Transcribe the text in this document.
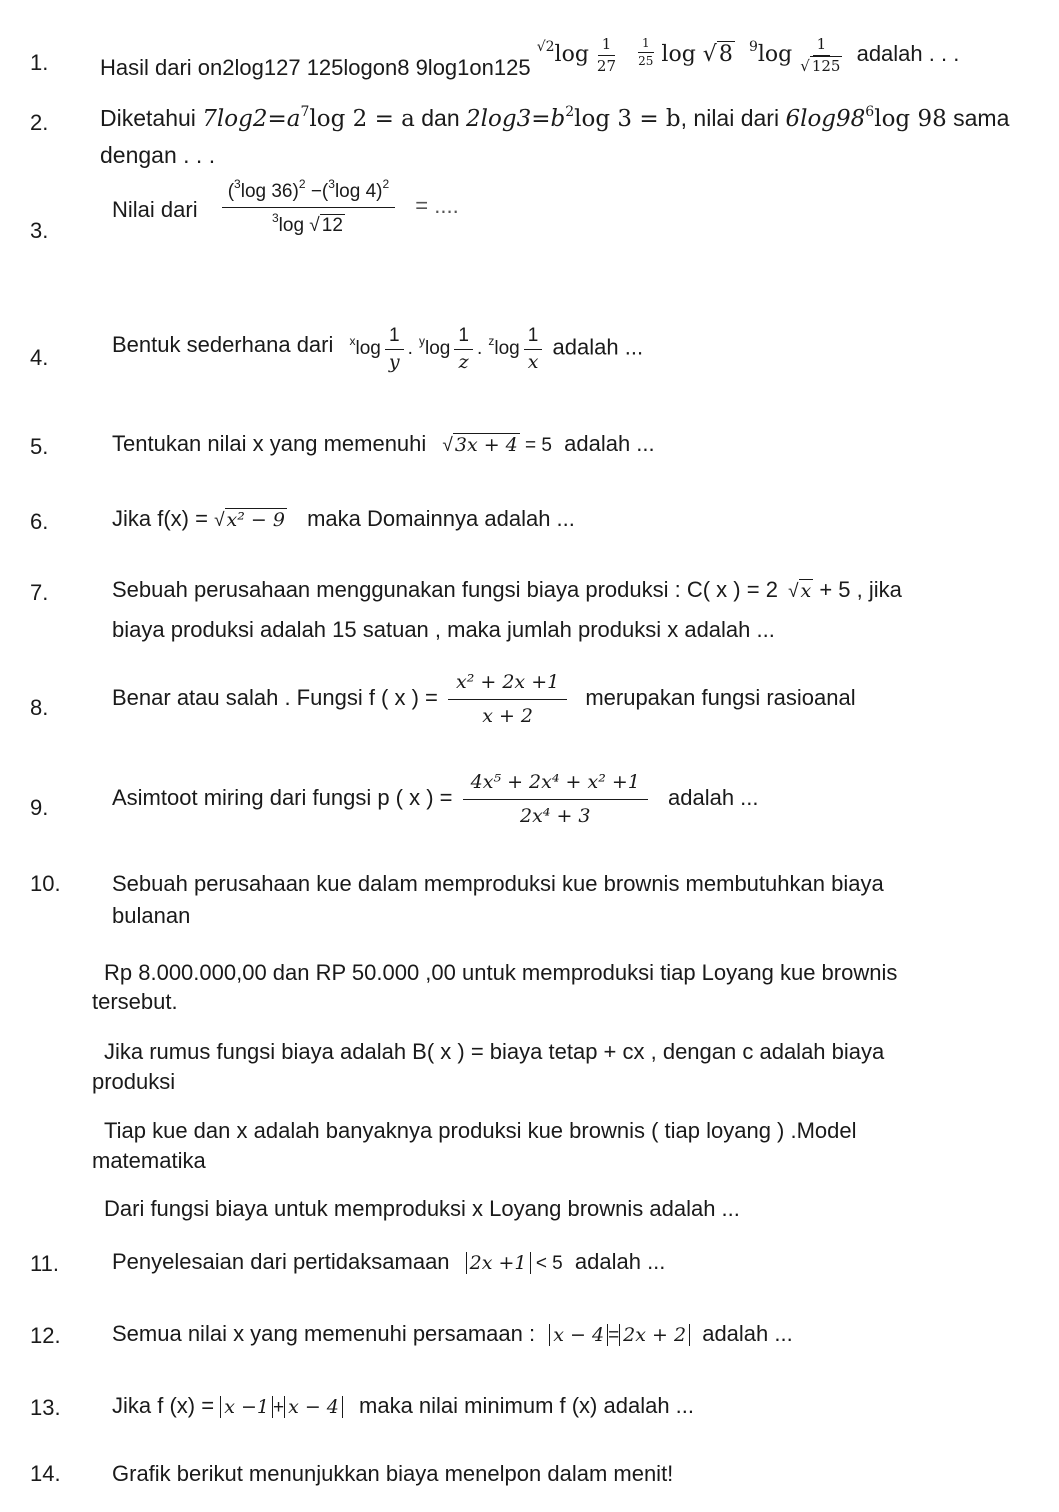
1. Hasil dari on2log127 125logon8 9log1on125 $^{√2}\log \frac{1}{27}$
$\frac{1}{25}$ log √8 $^9\log \frac{1}{√ 125}$ adalah . . .
2. Diketahui $7\log 2=a^7\log$ 2 = a dan $2\log 3=b^2\log$ 3 = b, nilai dari $6\log 98^6\log$ 98 sama
dengan . . .
3.
Nilai dari $\frac{(^3\log 36)^2 -(^3\log 4)^2}{^3\log √ 12}$ = ....
4.
Bentuk sederhana dari $^x\log \frac{1}{y}$ . $^y\log \frac{1}{z}$ . $^z\log \frac{1}{x}$ adalah ...
5.	Tentukan nilai x yang memenuhi √ 3x + 4 = 5 adalah ...
6.	Jika f(x) = √ x² − 9 maka Domainnya adalah ...
7.	Sebuah perusahaan menggunakan fungsi biaya produksi : C( x ) = 2 √ x + 5 , jika
biaya produksi adalah 15 satuan , maka jumlah produksi x adalah ...
8.	Benar atau salah . Fungsi f ( x ) = $\frac{\text{x² + 2x +1}}{x + 2}$ merupakan fungsi rasioanal
9.	Asimtoot miring dari fungsi p ( x ) = $\frac{\text{4x⁵ + 2x⁴ + x² +1}}{\text{2x⁴ + 3}}$ adalah ...
10. Sebuah perusahaan kue dalam memproduksi kue brownis membutuhkan biaya
bulanan
Rp 8.000.000,00 dan RP 50.000 ,00 untuk memproduksi tiap Loyang kue brownis
tersebut.
Jika rumus fungsi biaya adalah B( x ) = biaya tetap + cx , dengan c adalah biaya
produksi
Tiap kue dan x adalah banyaknya produksi kue brownis ( tiap loyang ) .Model
matematika
Dari fungsi biaya untuk memproduksi x Loyang brownis adalah ...
11. Penyelesaian dari pertidaksamaan 2x +1 < 5 adalah ...
12. Semua nilai x yang memenuhi persamaan : x − 4 = 2x + 2 adalah ...
13. Jika f (x) = x −1 + x − 4 maka nilai minimum f (x) adalah ...
14. Grafik berikut menunjukkan biaya menelpon dalam menit!
